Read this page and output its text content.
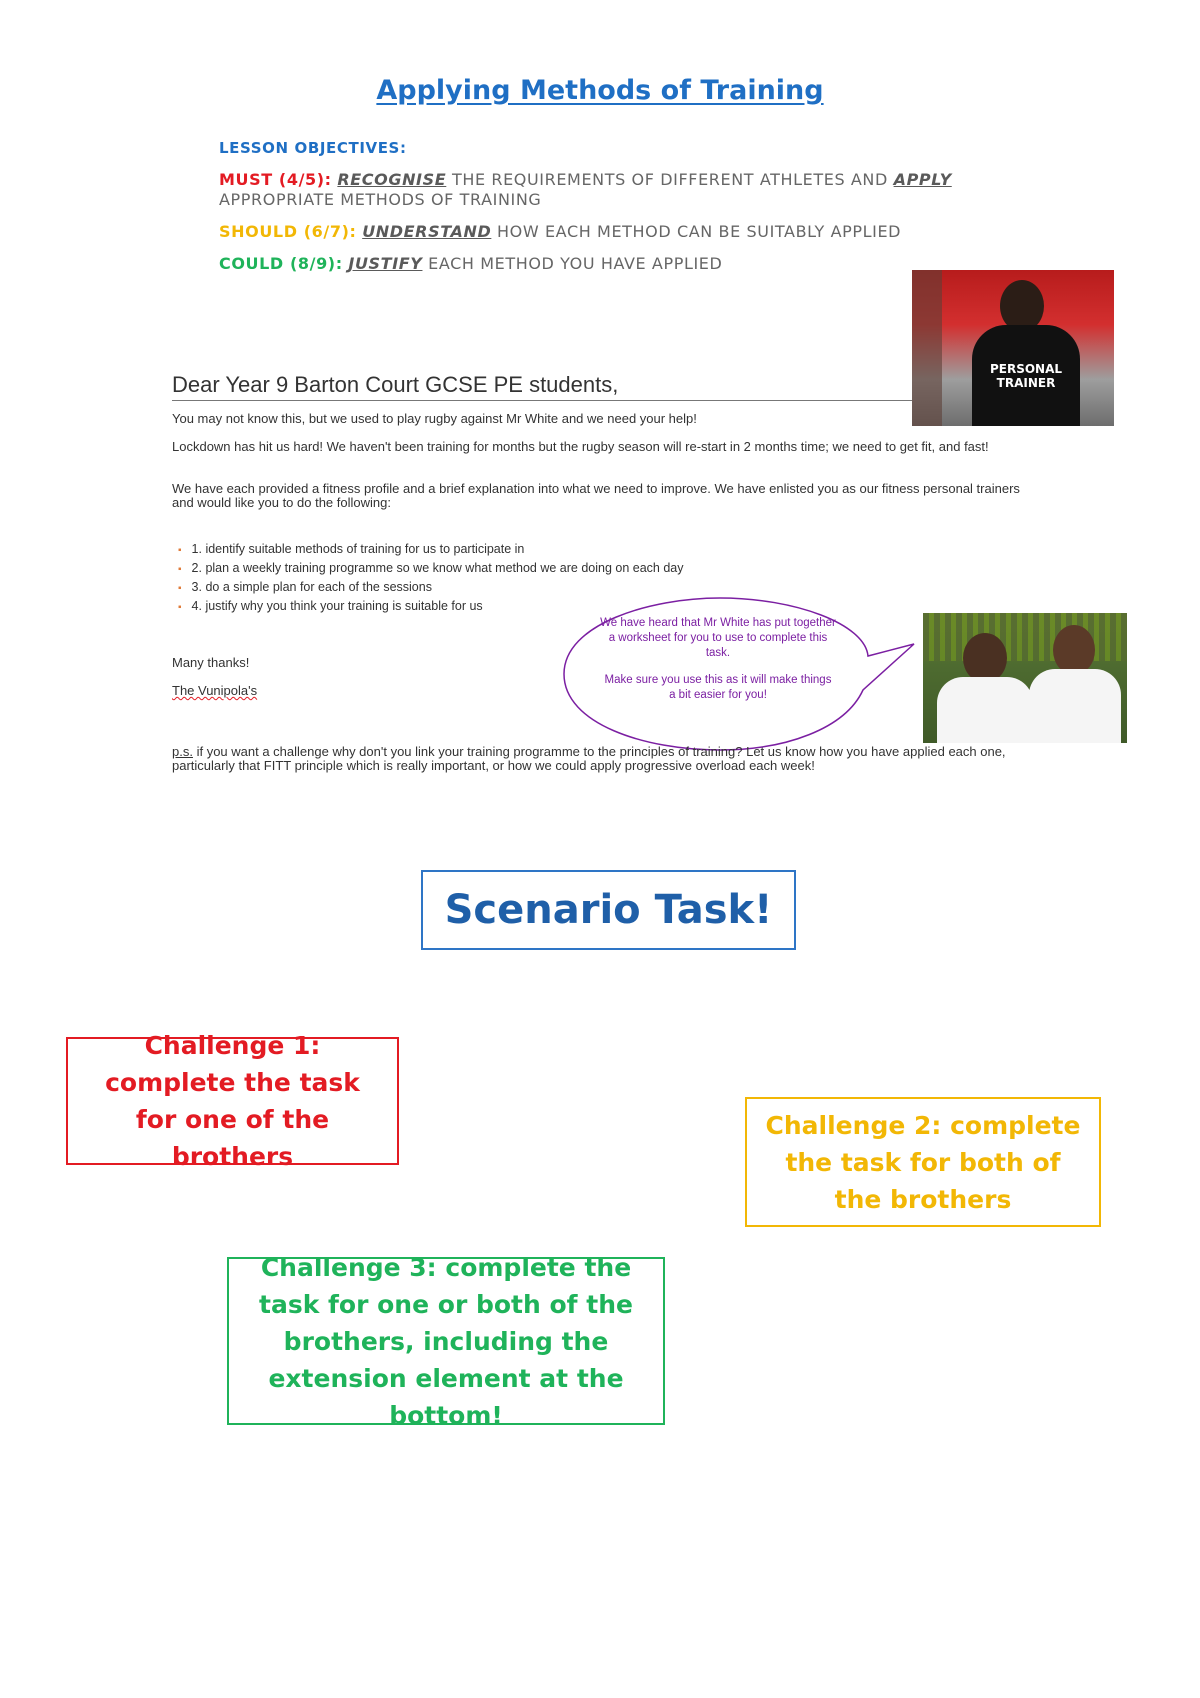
Applying Methods of Training
LESSON OBJECTIVES:
MUST (4/5): RECOGNISE THE REQUIREMENTS OF DIFFERENT ATHLETES AND APPLY APPROPRIATE METHODS OF TRAINING
SHOULD (6/7): UNDERSTAND HOW EACH METHOD CAN BE SUITABLY APPLIED
COULD (8/9): JUSTIFY EACH METHOD YOU HAVE APPLIED
PERSONAL
TRAINER
Dear Year 9 Barton Court GCSE PE students,
You may not know this, but we used to play rugby against Mr White and we need your help!
Lockdown has hit us hard! We haven't been training for months but the rugby season will re-start in 2 months time; we need to get fit, and fast!
We have each provided a fitness profile and a brief explanation into what we need to improve. We have enlisted you as our fitness personal trainers and would like you to do the following:
▪ 1. identify suitable methods of training for us to participate in
▪ 2. plan a weekly training programme so we know what method we are doing on each day
▪ 3. do a simple plan for each of the sessions
▪ 4. justify why you think your training is suitable for us
Many thanks!
The Vunipola's
We have heard that Mr White has put together a worksheet for you to use to complete this task.
Make sure you use this as it will make things a bit easier for you!
p.s. if you want a challenge why don't you link your training programme to the principles of training? Let us know how you have applied each one, particularly that FITT principle which is really important, or how we could apply progressive overload each week!
Scenario Task!
Challenge 1: complete the task for one of the brothers
Challenge 2: complete the task for both of the brothers
Challenge 3: complete the task for one or both of the brothers, including the extension element at the bottom!
